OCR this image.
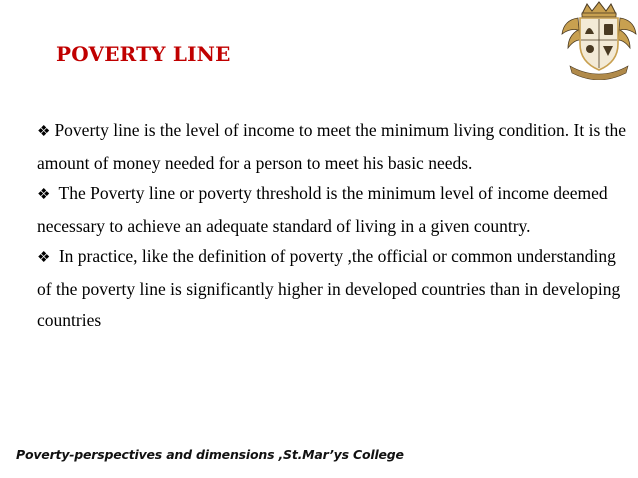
POVERTY LINE

❖ Poverty line is the level of income to meet the minimum living condition. It is the amount of money needed for a person to meet his basic needs.

❖ The Poverty line or poverty threshold is the minimum level of income deemed necessary to achieve an adequate standard of living in a given country.

❖ In practice, like the definition of poverty ,the official or common understanding of the poverty line is significantly higher in developed countries than in developing countries

Poverty-perspectives and dimensions ,St.Mar’ys College
